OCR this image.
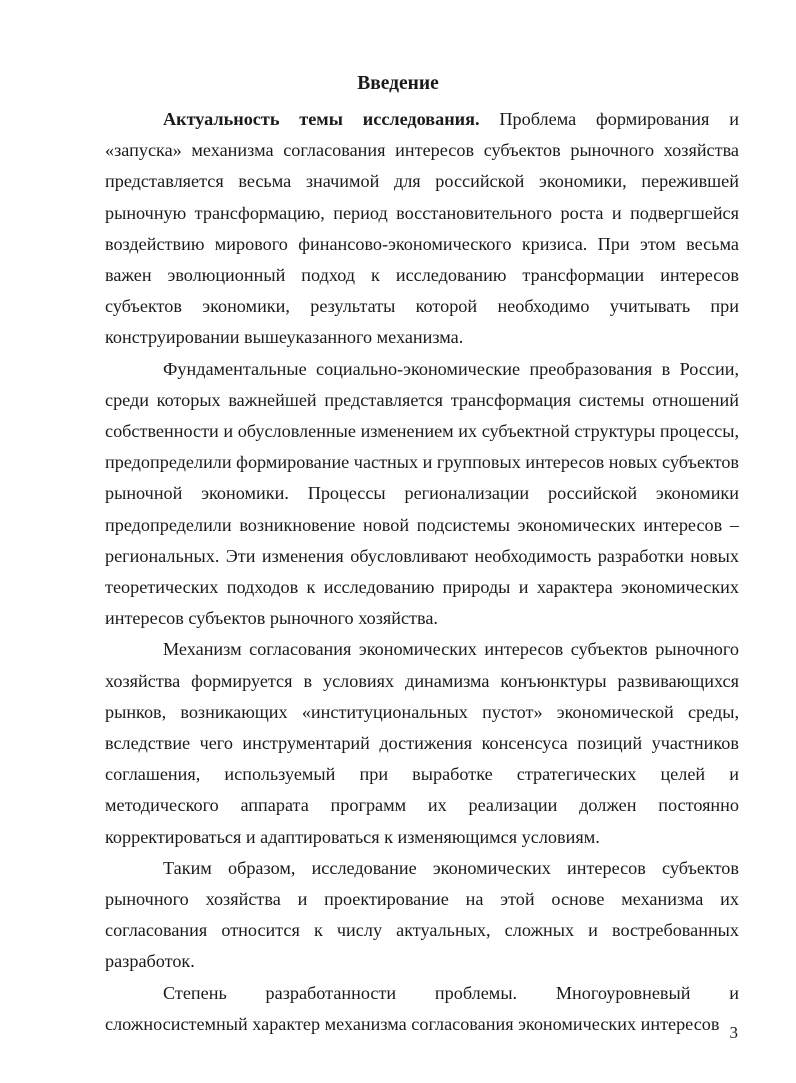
Введение

Актуальность темы исследования. Проблема формирования и «запуска» механизма согласования интересов субъектов рыночного хозяйства представляется весьма значимой для российской экономики, пережившей рыночную трансформацию, период восстановительного роста и подвергшейся воздействию мирового финансово-экономического кризиса. При этом весьма важен эволюционный подход к исследованию трансформации интересов субъектов экономики, результаты которой необходимо учитывать при конструировании вышеуказанного механизма.

Фундаментальные социально-экономические преобразования в России, среди которых важнейшей представляется трансформация системы отношений собственности и обусловленные изменением их субъектной структуры процессы, предопределили формирование частных и групповых интересов новых субъектов рыночной экономики. Процессы регионализации российской экономики предопределили возникновение новой подсистемы экономических интересов – региональных. Эти изменения обусловливают необходимость разработки новых теоретических подходов к исследованию природы и характера экономических интересов субъектов рыночного хозяйства.

Механизм согласования экономических интересов субъектов рыночного хозяйства формируется в условиях динамизма конъюнктуры развивающихся рынков, возникающих «институциональных пустот» экономической среды, вследствие чего инструментарий достижения консенсуса позиций участников соглашения, используемый при выработке стратегических целей и методического аппарата программ их реализации должен постоянно корректироваться и адаптироваться к изменяющимся условиям.

Таким образом, исследование экономических интересов субъектов рыночного хозяйства и проектирование на этой основе механизма их согласования относится к числу актуальных, сложных и востребованных разработок.

Степень разработанности проблемы. Многоуровневый и сложносистемный характер механизма согласования экономических интересов 3
